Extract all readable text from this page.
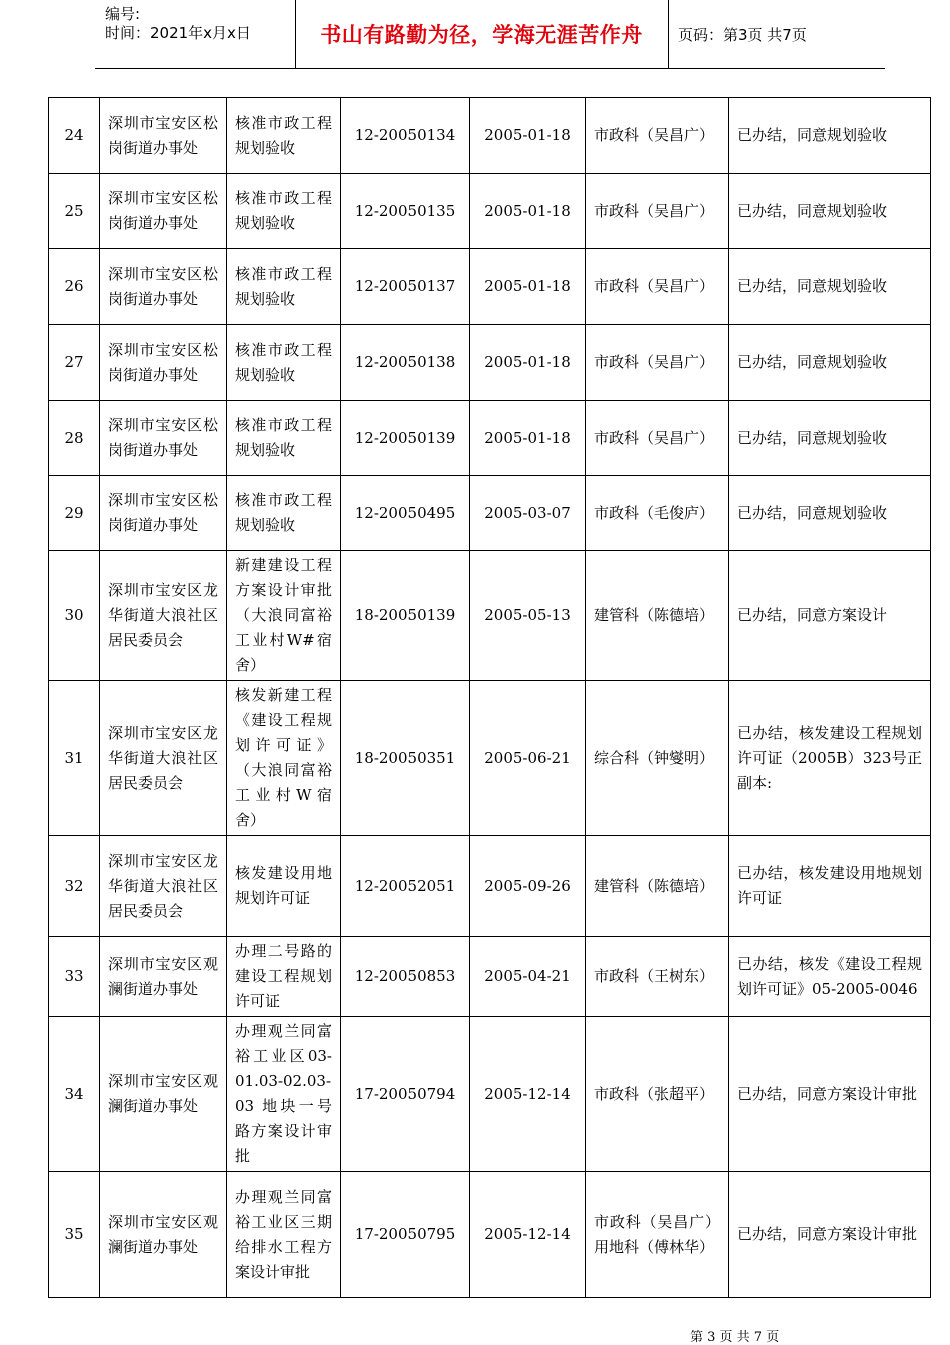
编号:
时间：2021年x月x日	书山有路勤为径，学海无涯苦作舟	页码：第3页 共7页
24	深圳市宝安区松岗街道办事处	核准市政工程规划验收	12-20050134	2005-01-18	市政科（吴昌广）	已办结，同意规划验收
25	深圳市宝安区松岗街道办事处	核准市政工程规划验收	12-20050135	2005-01-18	市政科（吴昌广）	已办结，同意规划验收
26	深圳市宝安区松岗街道办事处	核准市政工程规划验收	12-20050137	2005-01-18	市政科（吴昌广）	已办结，同意规划验收
27	深圳市宝安区松岗街道办事处	核准市政工程规划验收	12-20050138	2005-01-18	市政科（吴昌广）	已办结，同意规划验收
28	深圳市宝安区松岗街道办事处	核准市政工程规划验收	12-20050139	2005-01-18	市政科（吴昌广）	已办结，同意规划验收
29	深圳市宝安区松岗街道办事处	核准市政工程规划验收	12-20050495	2005-03-07	市政科（毛俊庐）	已办结，同意规划验收
30	深圳市宝安区龙华街道大浪社区居民委员会	新建建设工程方案设计审批（大浪同富裕工业村W#宿舍）	18-20050139	2005-05-13	建管科（陈德培）	已办结，同意方案设计
31	深圳市宝安区龙华街道大浪社区居民委员会	核发新建工程《建设工程规划许可证》（大浪同富裕工业村W宿舍）	18-20050351	2005-06-21	综合科（钟燮明）	已办结，核发建设工程规划许可证（2005B）323号正副本:
32	深圳市宝安区龙华街道大浪社区居民委员会	核发建设用地规划许可证	12-20052051	2005-09-26	建管科（陈德培）	已办结，核发建设用地规划许可证
33	深圳市宝安区观澜街道办事处	办理二号路的建设工程规划许可证	12-20050853	2005-04-21	市政科（王树东）	已办结，核发《建设工程规划许可证》05-2005-0046
34	深圳市宝安区观澜街道办事处	办理观兰同富裕工业区03-01.03-02.03-03 地块一号路方案设计审批	17-20050794	2005-12-14	市政科（张超平）	已办结，同意方案设计审批
35	深圳市宝安区观澜街道办事处	办理观兰同富裕工业区三期给排水工程方案设计审批	17-20050795	2005-12-14	市政科（吴昌广）用地科（傅林华）	已办结，同意方案设计审批
第 3 页 共 7 页
